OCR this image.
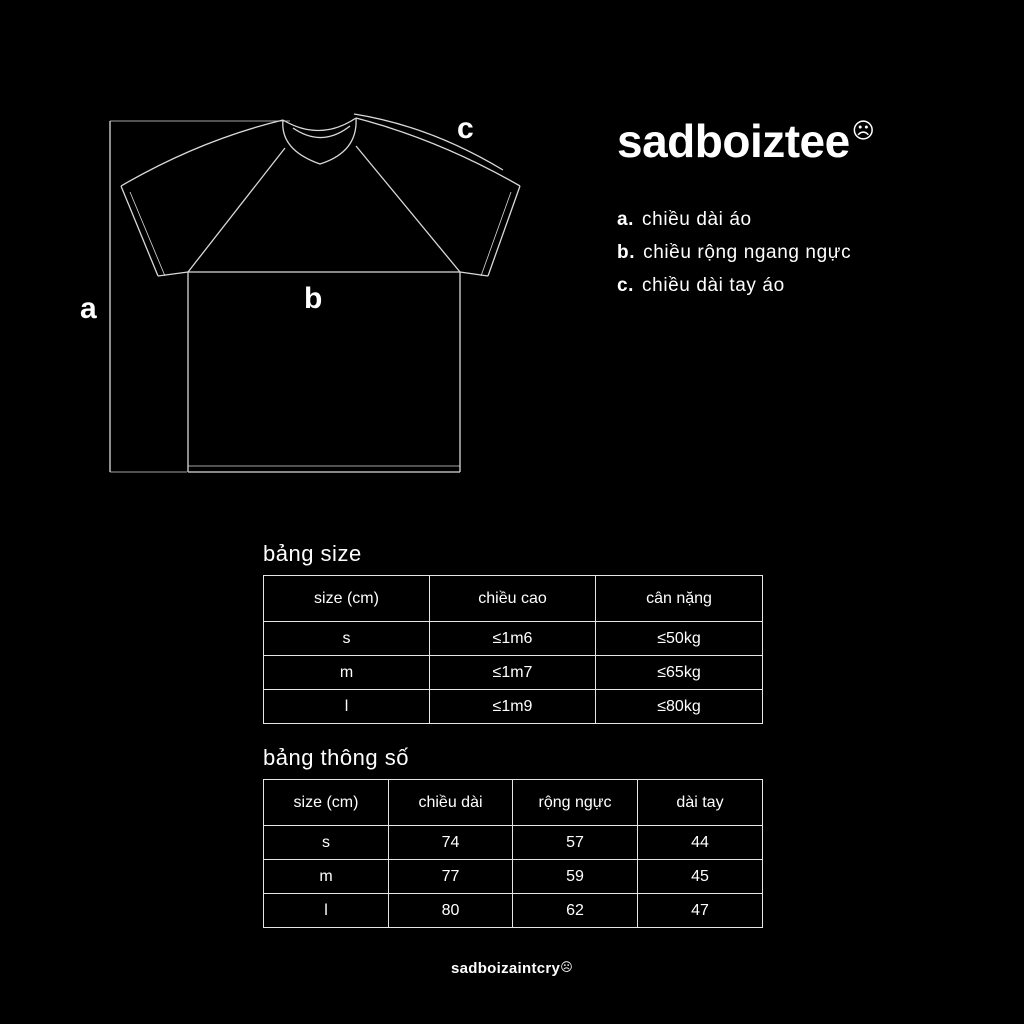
a	b
c	sadboiztee☹
a. chiều dài áo
b. chiều rộng ngang ngực
c. chiều dài tay áo
bảng size
size (cm)	chiều cao	cân nặng
s	≤1m6	≤50kg
m	≤1m7	≤65kg
l	≤1m9	≤80kg
bảng thông số
size (cm)	chiều dài	rộng ngực	dài tay
s	74	57	44
m	77	59	45
l	80	62	47
sadboizaintcry☹
